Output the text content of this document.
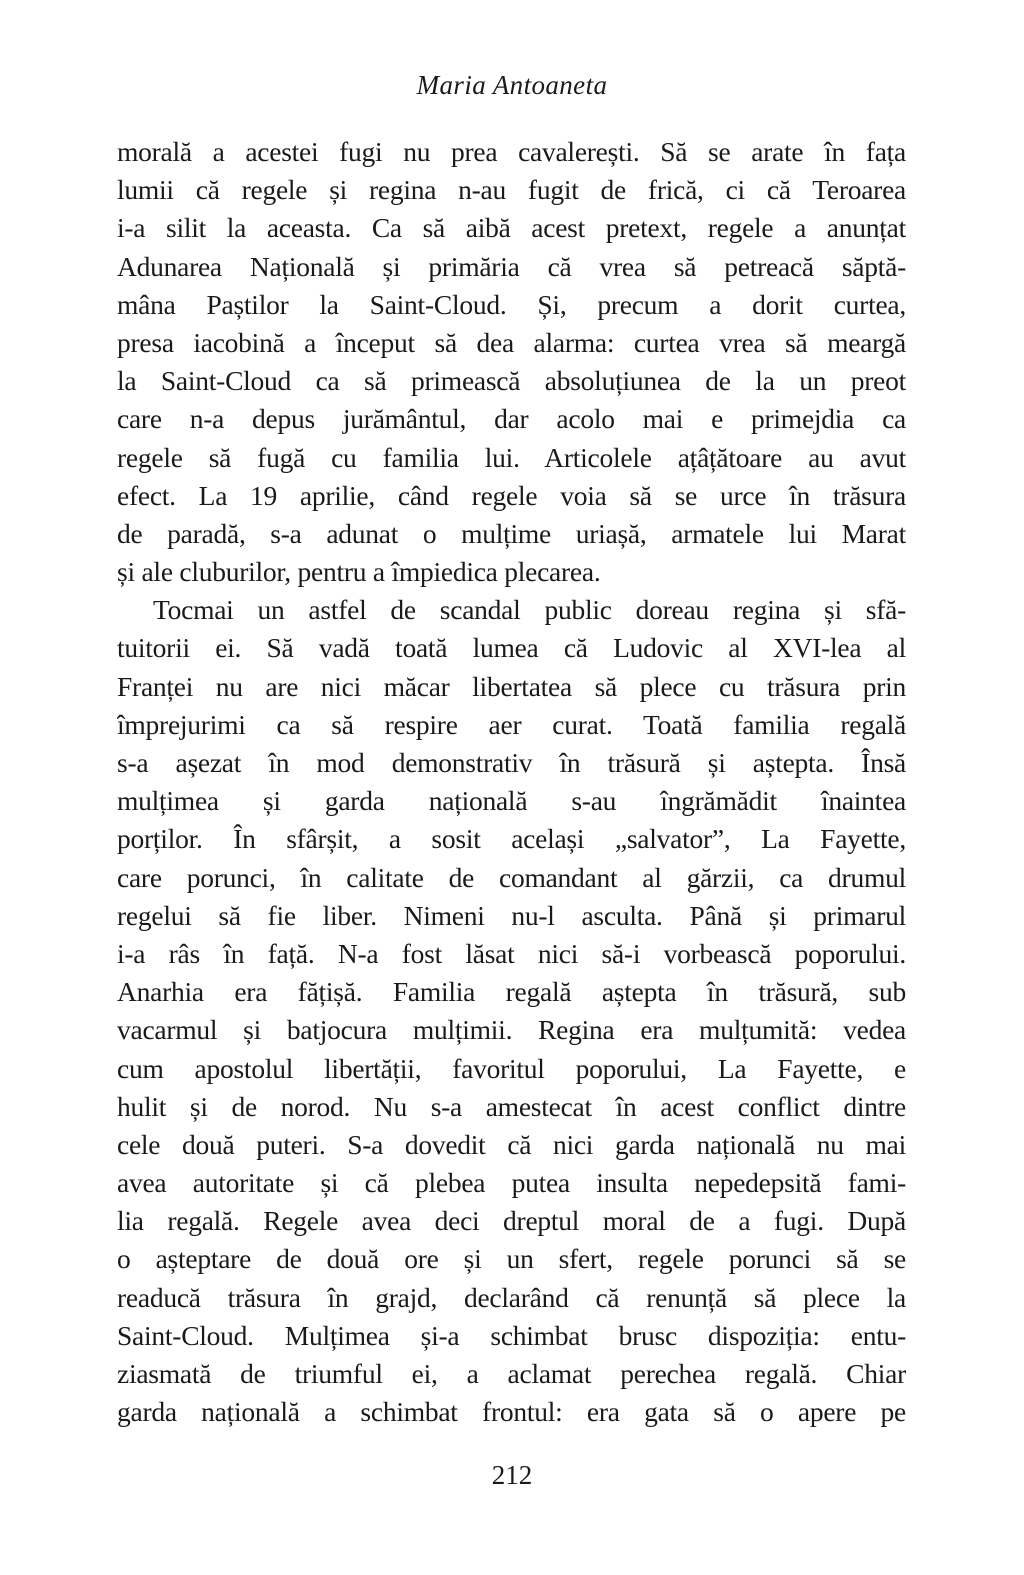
Maria Antoaneta
morală a acestei fugi nu prea cavalerești. Să se arate în fața
lumii că regele și regina n-au fugit de frică, ci că Teroarea
i-a silit la aceasta. Ca să aibă acest pretext, regele a anunțat
Adunarea Națională și primăria că vrea să petreacă săptă-
mâna Paștilor la Saint-Cloud. Și, precum a dorit curtea,
presa iacobină a început să dea alarma: curtea vrea să meargă
la Saint-Cloud ca să primească absoluțiunea de la un preot
care n-a depus jurământul, dar acolo mai e primejdia ca
regele să fugă cu familia lui. Articolele ațâțătoare au avut
efect. La 19 aprilie, când regele voia să se urce în trăsura
de paradă, s-a adunat o mulțime uriașă, armatele lui Marat
și ale cluburilor, pentru a împiedica plecarea.
Tocmai un astfel de scandal public doreau regina și sfă-
tuitorii ei. Să vadă toată lumea că Ludovic al XVI-lea al
Franței nu are nici măcar libertatea să plece cu trăsura prin
împrejurimi ca să respire aer curat. Toată familia regală
s-a așezat în mod demonstrativ în trăsură și aștepta. Însă
mulțimea și garda națională s-au îngrămădit înaintea
porților. În sfârșit, a sosit același „salvator”, La Fayette,
care porunci, în calitate de comandant al gărzii, ca drumul
regelui să fie liber. Nimeni nu-l asculta. Până și primarul
i-a râs în față. N-a fost lăsat nici să-i vorbească poporului.
Anarhia era fățișă. Familia regală aștepta în trăsură, sub
vacarmul și batjocura mulțimii. Regina era mulțumită: vedea
cum apostolul libertății, favoritul poporului, La Fayette, e
hulit și de norod. Nu s-a amestecat în acest conflict dintre
cele două puteri. S-a dovedit că nici garda națională nu mai
avea autoritate și că plebea putea insulta nepedepsită fami-
lia regală. Regele avea deci dreptul moral de a fugi. După
o așteptare de două ore și un sfert, regele porunci să se
readucă trăsura în grajd, declarând că renunță să plece la
Saint-Cloud. Mulțimea și-a schimbat brusc dispoziția: entu-
ziasmată de triumful ei, a aclamat perechea regală. Chiar
garda națională a schimbat frontul: era gata să o apere pe
212
